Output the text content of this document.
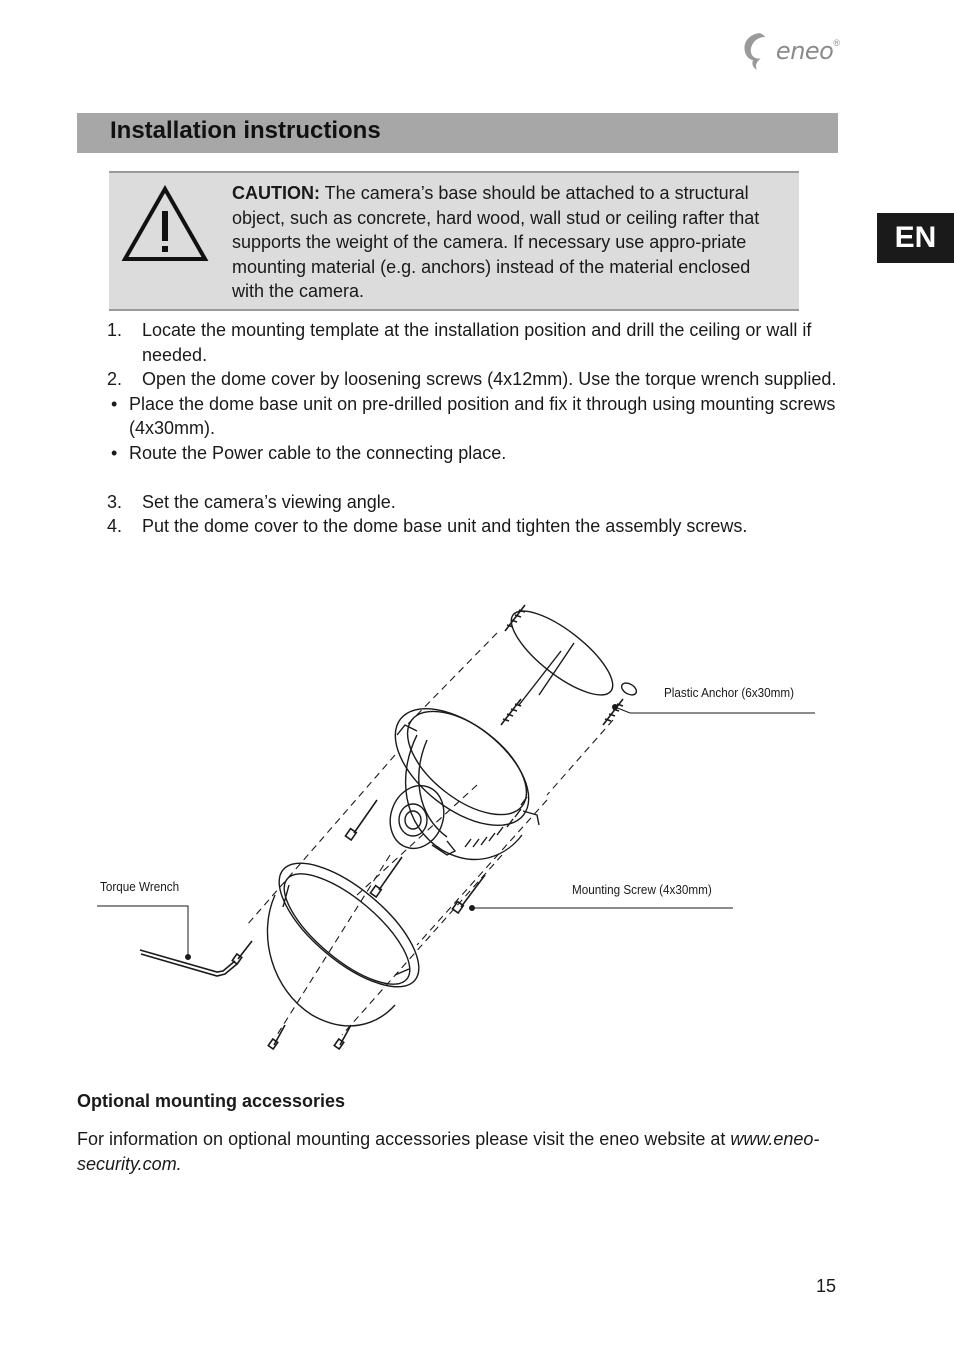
eneo ®
EN
Installation instructions

CAUTION: The camera’s base should be attached to a structural object, such as concrete, hard wood, wall stud or ceiling rafter that supports the weight of the camera. If necessary use appro-priate mounting material (e.g. anchors) instead of the material enclosed with the camera.

1. Locate the mounting template at the installation position and drill the ceiling or wall if needed.
2. Open the dome cover by loosening screws (4x12mm). Use the torque wrench supplied.
• Place the dome base unit on pre-drilled position and fix it through using mounting screws (4x30mm).
• Route the Power cable to the connecting place.
3. Set the camera’s viewing angle.
4. Put the dome cover to the dome base unit and tighten the assembly screws.
Plastic Anchor (6x30mm)
Torque Wrench	Mounting Screw (4x30mm)
Optional mounting accessories

For information on optional mounting accessories please visit the eneo website at www.eneo-security.com.

15
